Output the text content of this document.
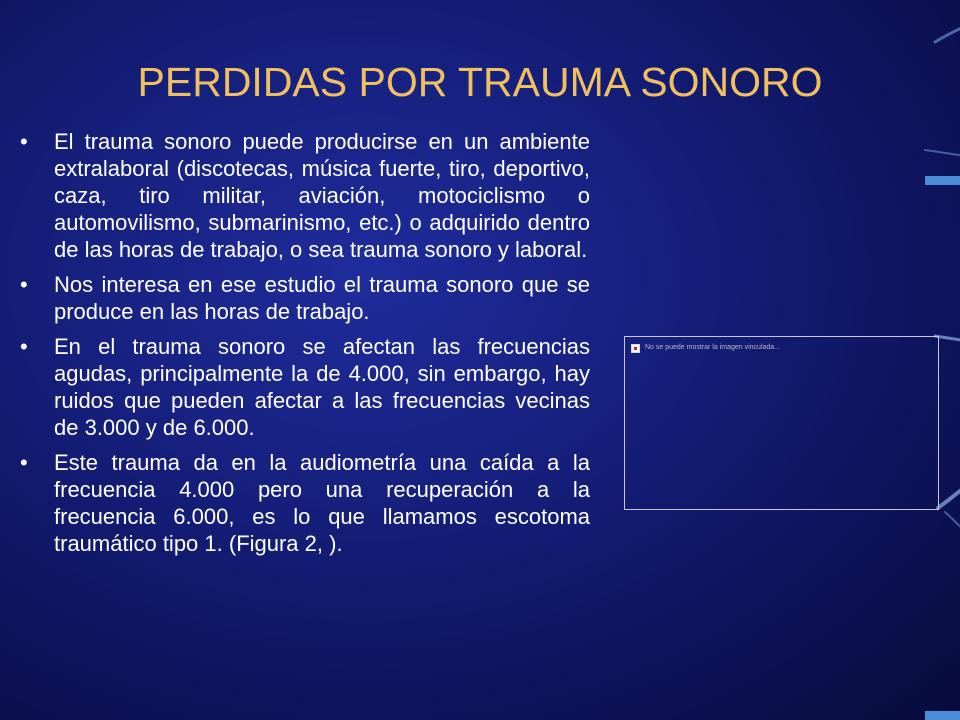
PERDIDAS POR TRAUMA SONORO
•	El trauma sonoro puede producirse en un ambiente extralaboral (discotecas, música fuerte, tiro, deportivo, caza, tiro militar, aviación, motociclismo o automovilismo, submarinismo, etc.) o adquirido dentro de las horas de trabajo, o sea trauma sonoro y laboral.
•	Nos interesa en ese estudio el trauma sonoro que se produce en las horas de trabajo.
•	En el trauma sonoro se afectan las frecuencias agudas, principalmente la de 4.000, sin embargo, hay ruidos que pueden afectar a las frecuencias vecinas de 3.000 y de 6.000.
•	Este trauma da en la audiometría una caída a la frecuencia 4.000 pero una recuperación a la frecuencia 6.000, es lo que llamamos escotoma traumático tipo 1. (Figura 2, ).
No se puede mostrar la imagen vinculada...
